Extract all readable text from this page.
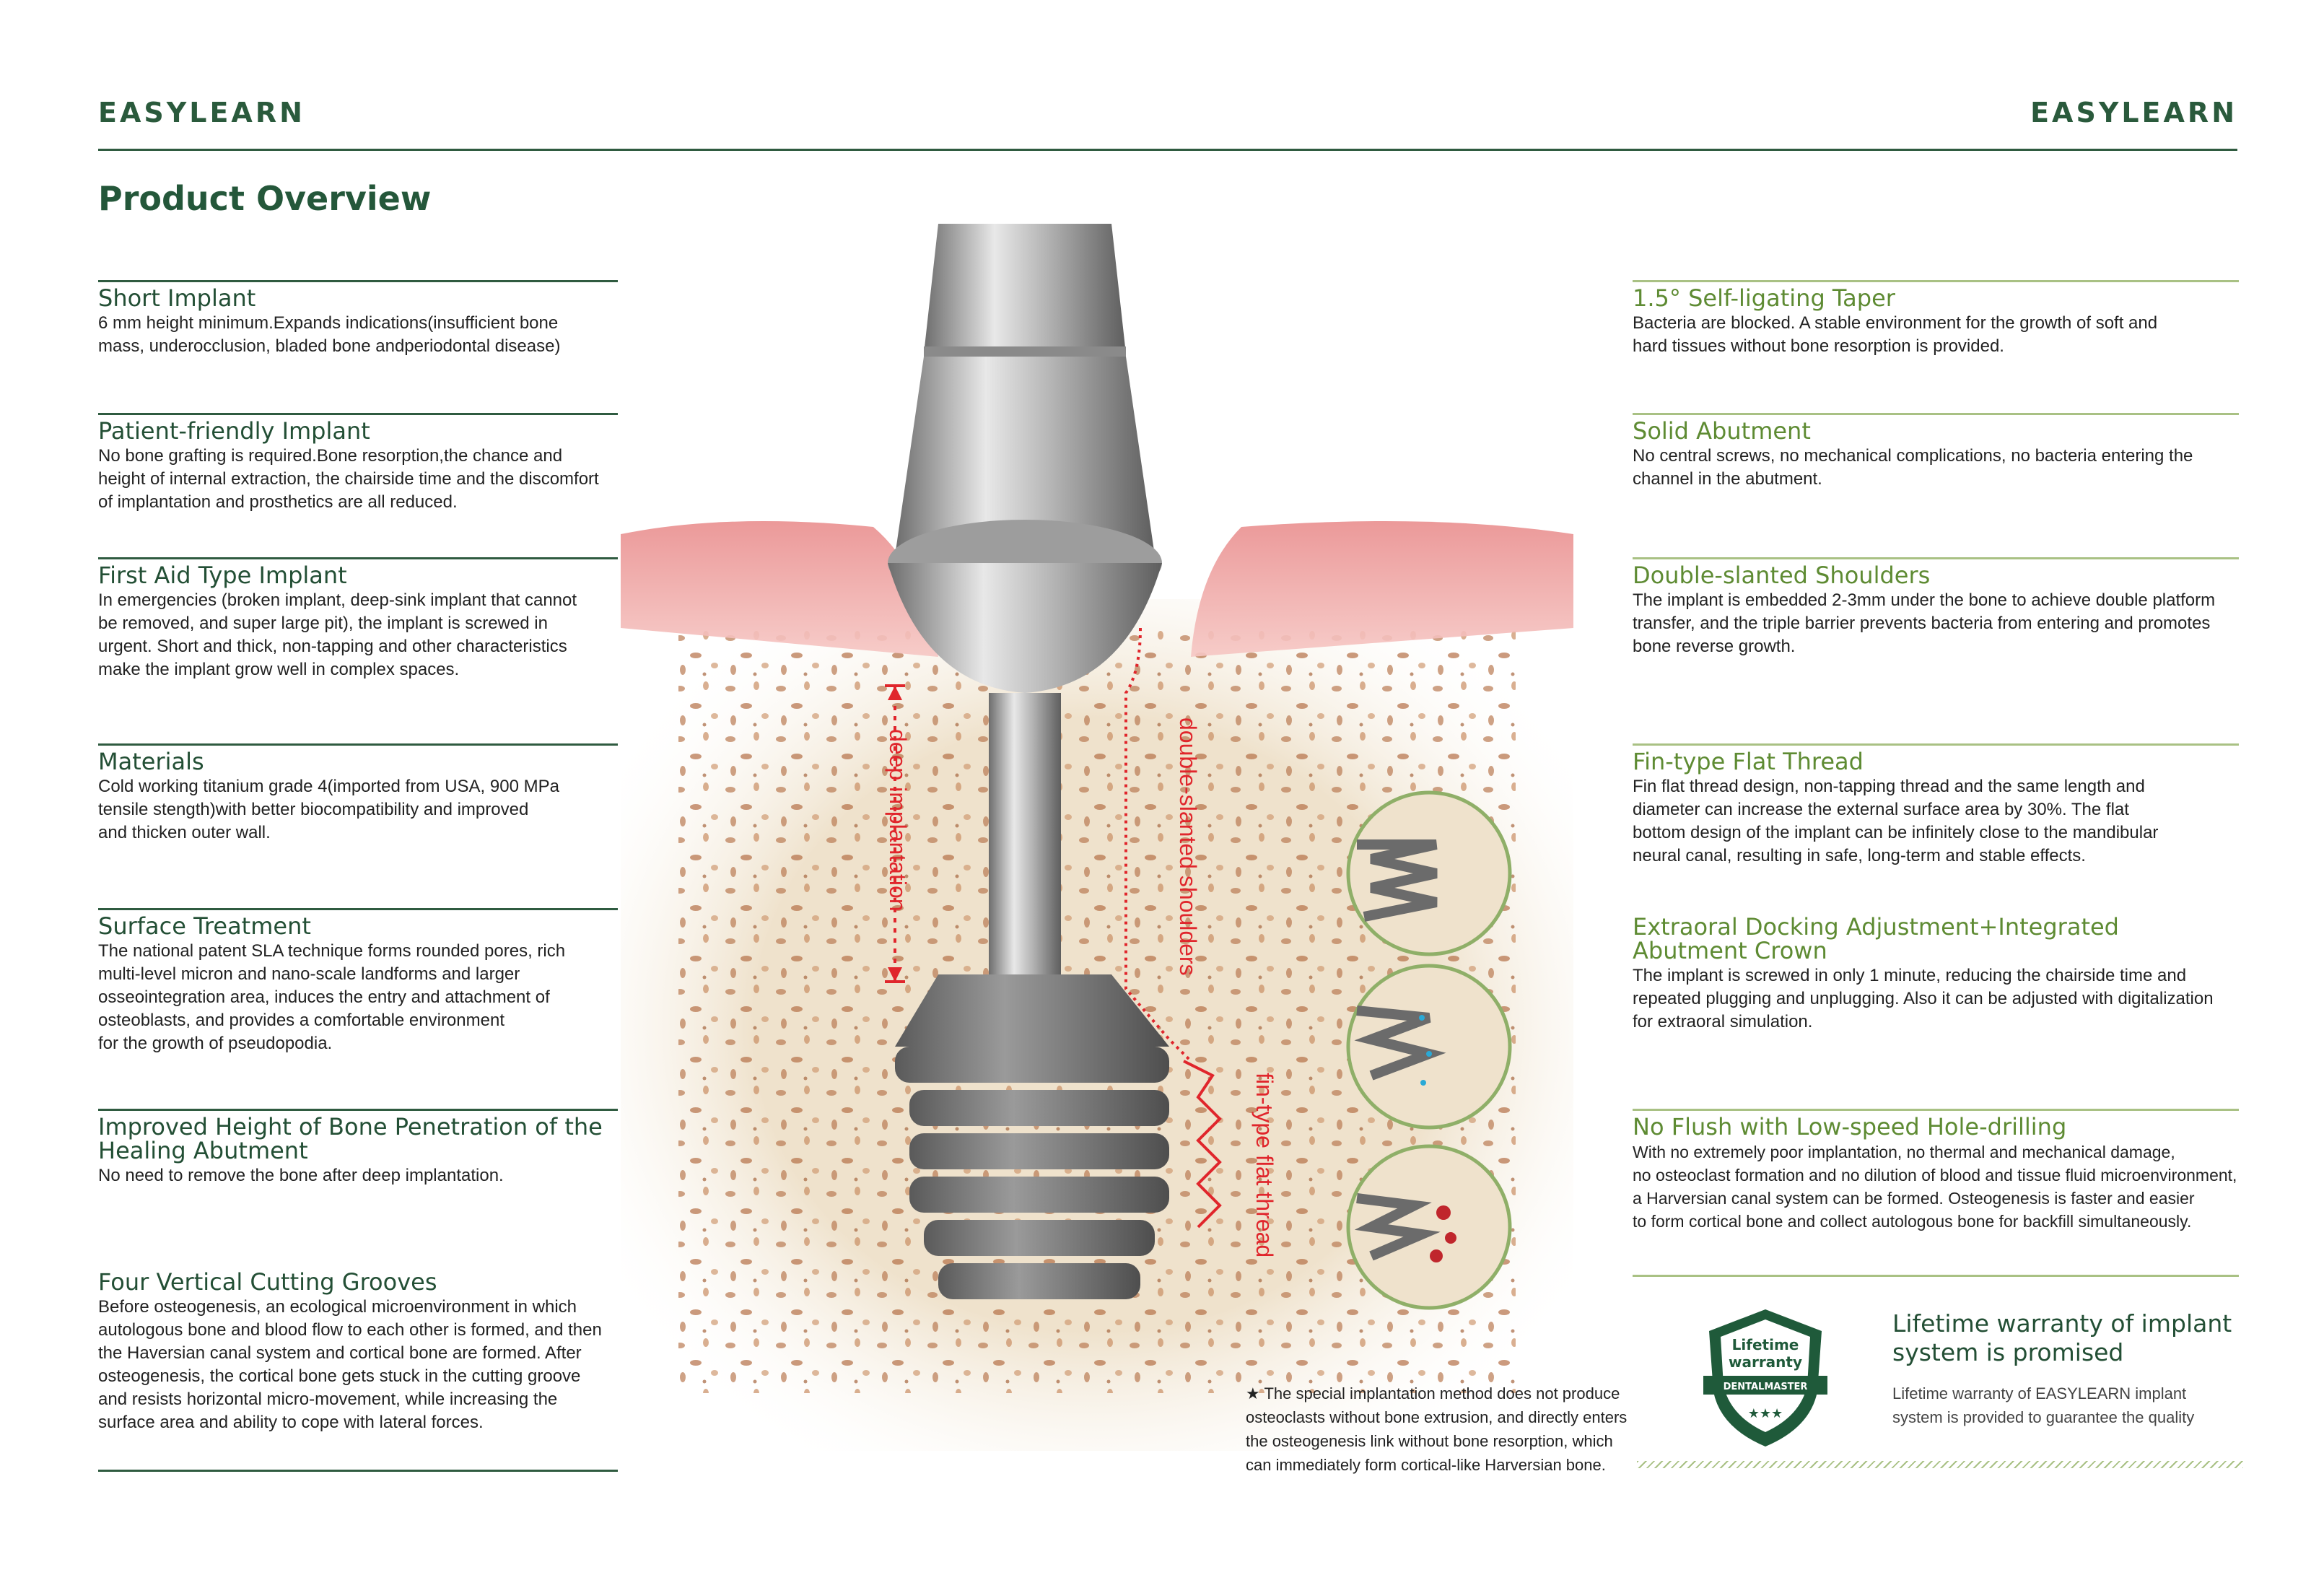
EASYLEARN	EASYLEARN
Product Overview
Short Implant

6 mm height minimum.Expands indications(insufficient bone
mass, underocclusion, bladed bone andperiodontal disease)

Patient-friendly Implant

No bone grafting is required.Bone resorption,the chance and
height of internal extraction, the chairside time and the discomfort
of implantation and prosthetics are all reduced.

First Aid Type Implant

In emergencies (broken implant, deep-sink implant that cannot
be removed, and super large pit), the implant is screwed in
urgent. Short and thick, non-tapping and other characteristics
make the implant grow well in complex spaces.

Materials

Cold working titanium grade 4(imported from USA, 900 MPa
tensile stength)with better biocompatibility and improved
and thicken outer wall.

Surface Treatment

The national patent SLA technique forms rounded pores, rich
multi-level micron and nano-scale landforms and larger
osseointegration area, induces the entry and attachment of
osteoblasts, and provides a comfortable environment
for the growth of pseudopodia.

Improved Height of Bone Penetration of the Healing Abutment

No need to remove the bone after deep implantation.

Four Vertical Cutting Grooves

Before osteogenesis, an ecological microenvironment in which
autologous bone and blood flow to each other is formed, and then
the Haversian canal system and cortical bone are formed. After
osteogenesis, the cortical bone gets stuck in the cutting groove
and resists horizontal micro-movement, while increasing the
surface area and ability to cope with lateral forces.

1.5° Self-ligating Taper

Bacteria are blocked. A stable environment for the growth of soft and
hard tissues without bone resorption is provided.

Solid Abutment

No central screws, no mechanical complications, no bacteria entering the
channel in the abutment.

Double-slanted Shoulders

The implant is embedded 2-3mm under the bone to achieve double platform
transfer, and the triple barrier prevents bacteria from entering and promotes
bone reverse growth.

Fin-type Flat Thread

Fin flat thread design, non-tapping thread and the same length and
diameter can increase the external surface area by 30%. The flat
bottom design of the implant can be infinitely close to the mandibular
neural canal, resulting in safe, long-term and stable effects.

Extraoral Docking Adjustment+Integrated Abutment Crown

The implant is screwed in only 1 minute, reducing the chairside time and
repeated plugging and unplugging. Also it can be adjusted with digitalization
for extraoral simulation.

No Flush with Low-speed Hole-drilling

With no extremely poor implantation, no thermal and mechanical damage,
no osteoclast formation and no dilution of blood and tissue fluid microenvironment,
a Harversian canal system can be formed. Osteogenesis is faster and easier
to form cortical bone and collect autologous bone for backfill simultaneously.

deep implantation	double-slanted shoulders
fin-type flat thread
★ The special implantation method does not produce
osteoclasts without bone extrusion, and directly enters
the osteogenesis link without bone resorption, which
can immediately form cortical-like Harversian bone.
Lifetime
warranty
DENTALMASTER
★★★
Lifetime warranty of implant
system is promised
Lifetime warranty of EASYLEARN implant
system is provided to guarantee the quality
